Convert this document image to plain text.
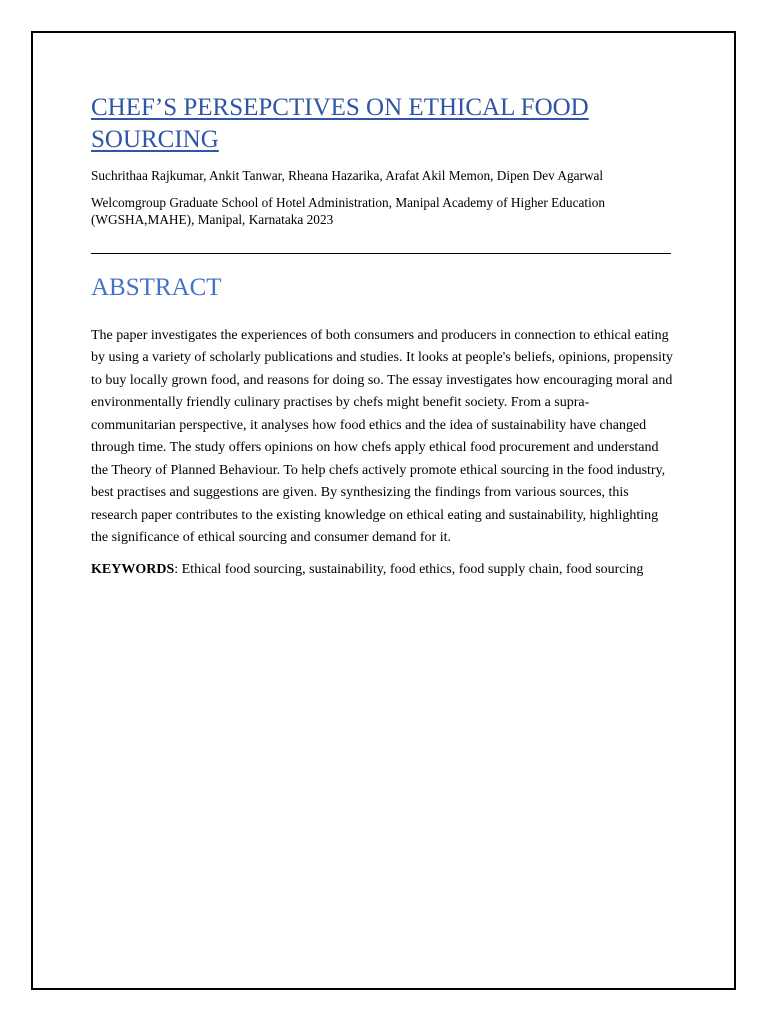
CHEF’S PERSEPCTIVES ON ETHICAL FOOD SOURCING
Suchrithaa Rajkumar, Ankit Tanwar, Rheana Hazarika, Arafat Akil Memon, Dipen Dev Agarwal
Welcomgroup Graduate School of Hotel Administration, Manipal Academy of Higher Education (WGSHA,MAHE), Manipal, Karnataka 2023
ABSTRACT

The paper investigates the experiences of both consumers and producers in connection to ethical eating by using a variety of scholarly publications and studies. It looks at people's beliefs, opinions, propensity to buy locally grown food, and reasons for doing so. The essay investigates how encouraging moral and environmentally friendly culinary practises by chefs might benefit society. From a supra-communitarian perspective, it analyses how food ethics and the idea of sustainability have changed through time. The study offers opinions on how chefs apply ethical food procurement and understand the Theory of Planned Behaviour. To help chefs actively promote ethical sourcing in the food industry, best practises and suggestions are given. By synthesizing the findings from various sources, this research paper contributes to the existing knowledge on ethical eating and sustainability, highlighting the significance of ethical sourcing and consumer demand for it.

KEYWORDS: Ethical food sourcing, sustainability, food ethics, food supply chain, food sourcing
